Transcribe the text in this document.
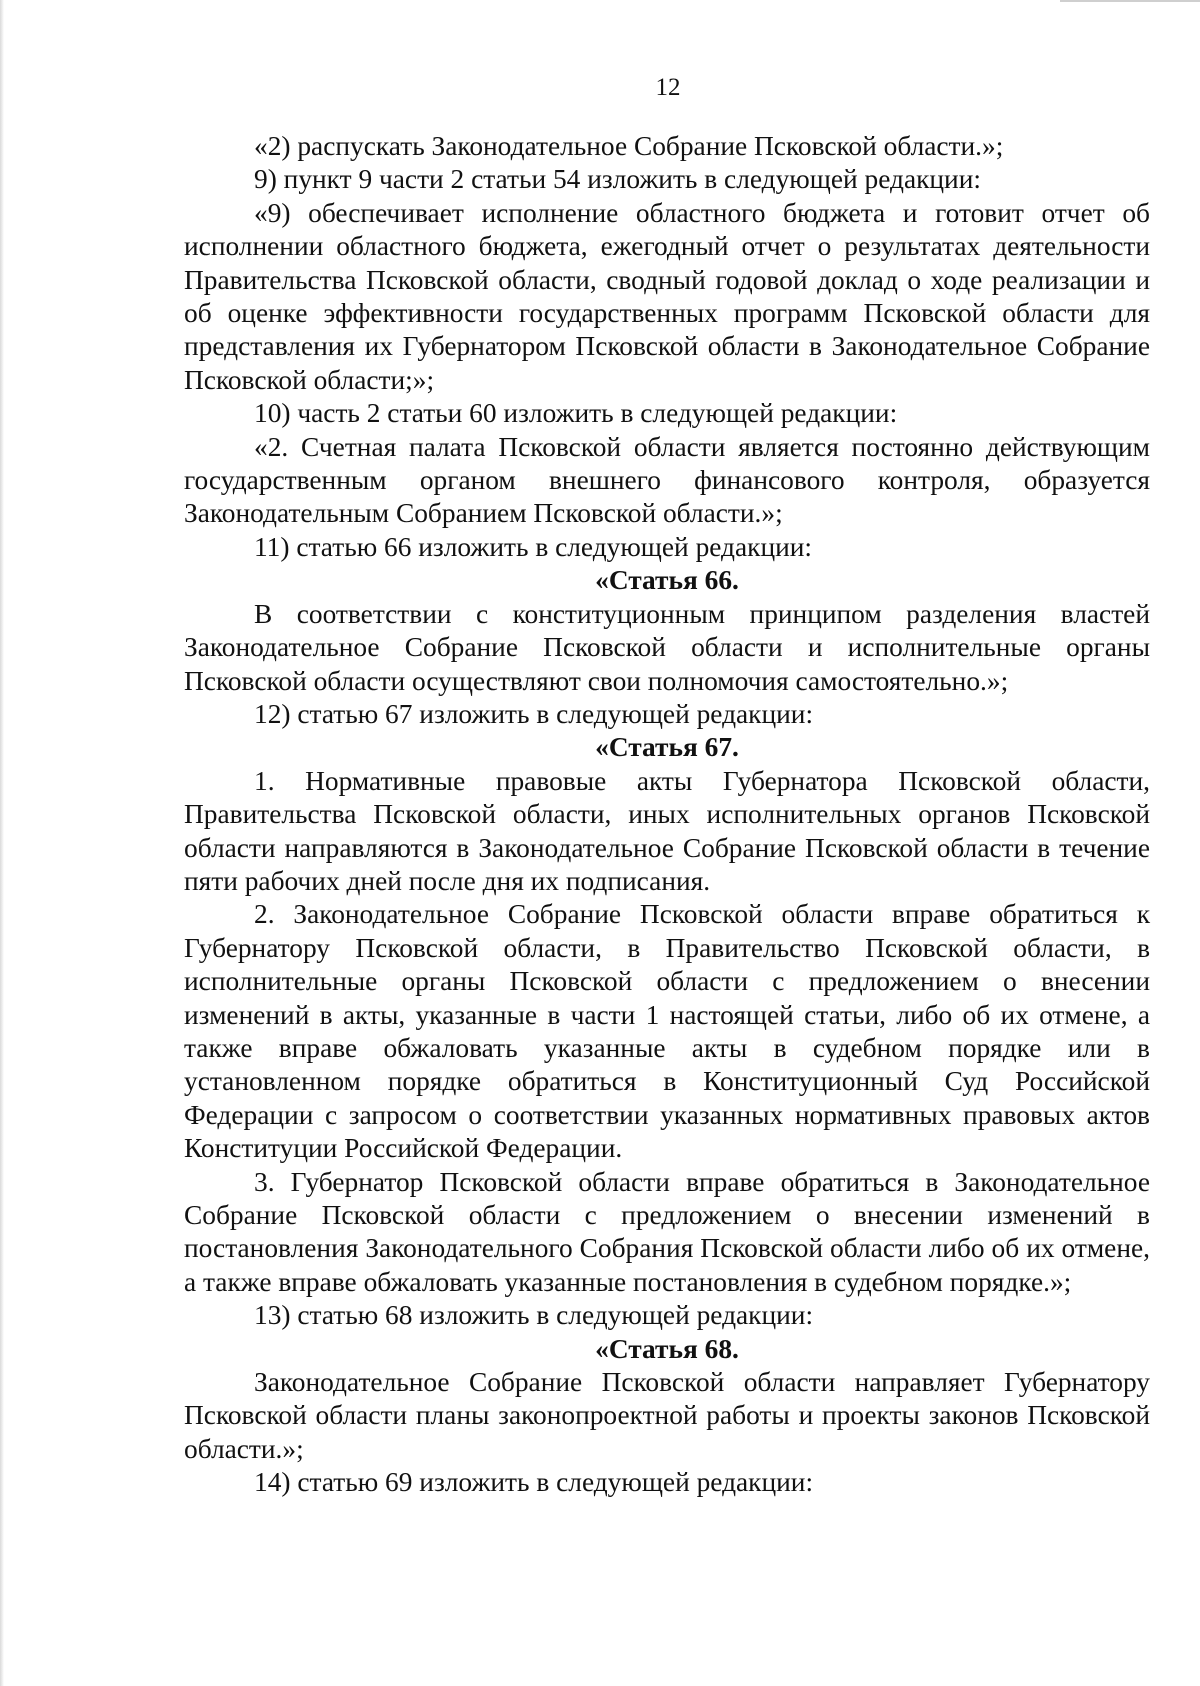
12

«2) распускать Законодательное Собрание Псковской области.»;

9) пункт 9 части 2 статьи 54 изложить в следующей редакции:

«9) обеспечивает исполнение областного бюджета и готовит отчет об исполнении областного бюджета, ежегодный отчет о результатах деятельности Правительства Псковской области, сводный годовой доклад о ходе реализации и об оценке эффективности государственных программ Псковской области для представления их Губернатором Псковской области в Законодательное Собрание Псковской области;»;

10) часть 2 статьи 60 изложить в следующей редакции:

«2. Счетная палата Псковской области является постоянно действующим государственным органом внешнего финансового контроля, образуется Законодательным Собранием Псковской области.»;

11) статью 66 изложить в следующей редакции:

«Статья 66.

В соответствии с конституционным принципом разделения властей Законодательное Собрание Псковской области и исполнительные органы Псковской области осуществляют свои полномочия самостоятельно.»;

12) статью 67 изложить в следующей редакции:

«Статья 67.

1. Нормативные правовые акты Губернатора Псковской области, Правительства Псковской области, иных исполнительных органов Псковской области направляются в Законодательное Собрание Псковской области в течение пяти рабочих дней после дня их подписания.

2. Законодательное Собрание Псковской области вправе обратиться к Губернатору Псковской области, в Правительство Псковской области, в исполнительные органы Псковской области с предложением о внесении изменений в акты, указанные в части 1 настоящей статьи, либо об их отмене, а также вправе обжаловать указанные акты в судебном порядке или в установленном порядке обратиться в Конституционный Суд Российской Федерации с запросом о соответствии указанных нормативных правовых актов Конституции Российской Федерации.

3. Губернатор Псковской области вправе обратиться в Законодательное Собрание Псковской области с предложением о внесении изменений в постановления Законодательного Собрания Псковской области либо об их отмене, а также вправе обжаловать указанные постановления в судебном порядке.»;

13) статью 68 изложить в следующей редакции:

«Статья 68.

Законодательное Собрание Псковской области направляет Губернатору Псковской области планы законопроектной работы и проекты законов Псковской области.»;

14) статью 69 изложить в следующей редакции:
